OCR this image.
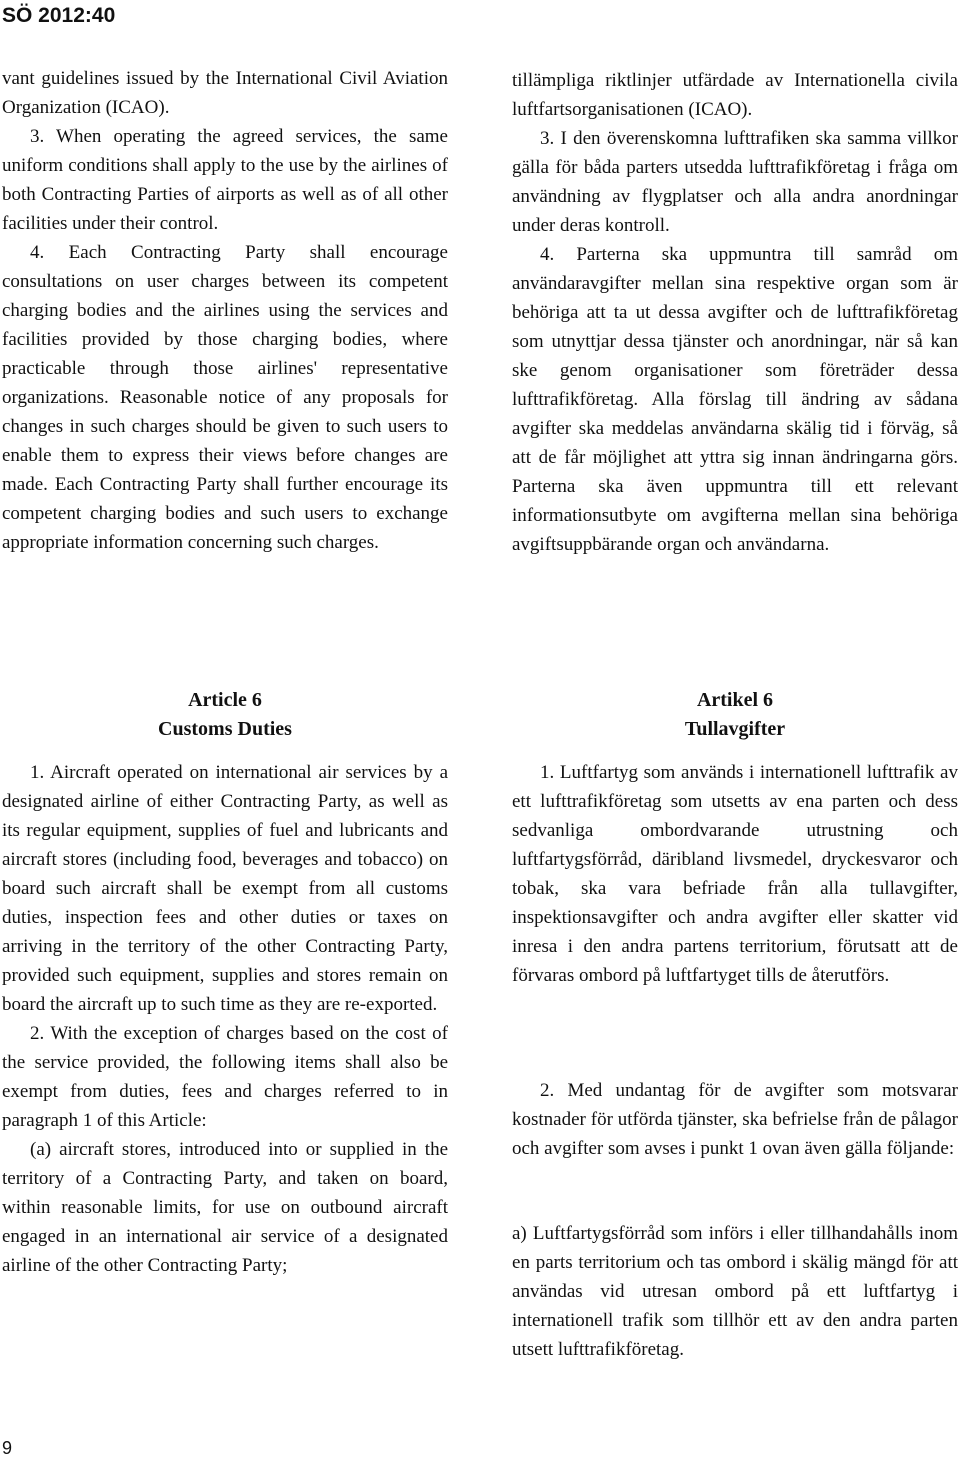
SÖ 2012:40

vant guidelines issued by the International Civil Aviation Organization (ICAO).

3. When operating the agreed services, the same uniform conditions shall apply to the use by the airlines of both Contracting Parties of airports as well as of all other facilities under their control.

4. Each Contracting Party shall encourage consultations on user charges between its competent charging bodies and the airlines using the services and facilities provided by those charging bodies, where practicable through those airlines' representative organizations. Reasonable notice of any proposals for changes in such charges should be given to such users to enable them to express their views before changes are made. Each Contracting Party shall further encourage its competent charging bodies and such users to exchange appropriate information concerning such charges.

tillämpliga riktlinjer utfärdade av Internationella civila luftfartsorganisationen (ICAO).

3. I den överenskomna lufttrafiken ska samma villkor gälla för båda parters utsedda lufttrafikföretag i fråga om användning av flygplatser och alla andra anordningar under deras kontroll.

4. Parterna ska uppmuntra till samråd om användaravgifter mellan sina respektive organ som är behöriga att ta ut dessa avgifter och de lufttrafikföretag som utnyttjar dessa tjänster och anordningar, när så kan ske genom organisationer som företräder dessa lufttrafikföretag. Alla förslag till ändring av sådana avgifter ska meddelas användarna skälig tid i förväg, så att de får möjlighet att yttra sig innan ändringarna görs. Parterna ska även uppmuntra till ett relevant informationsutbyte om avgifterna mellan sina behöriga avgiftsuppbärande organ och användarna.

Article 6
Customs Duties
Artikel 6
Tullavgifter

1. Aircraft operated on international air services by a designated airline of either Contracting Party, as well as its regular equipment, supplies of fuel and lubricants and aircraft stores (including food, beverages and tobacco) on board such aircraft shall be exempt from all customs duties, inspection fees and other duties or taxes on arriving in the territory of the other Contracting Party, provided such equipment, supplies and stores remain on board the aircraft up to such time as they are re-exported.

2. With the exception of charges based on the cost of the service provided, the following items shall also be exempt from duties, fees and charges referred to in paragraph 1 of this Article:

(a) aircraft stores, introduced into or supplied in the territory of a Contracting Party, and taken on board, within reasonable limits, for use on outbound aircraft engaged in an international air service of a designated airline of the other Contracting Party;

1. Luftfartyg som används i internationell lufttrafik av ett lufttrafikföretag som utsetts av ena parten och dess sedvanliga ombordvarande utrustning och luftfartygsförråd, däribland livsmedel, dryckesvaror och tobak, ska vara befriade från alla tullavgifter, inspektionsavgifter och andra avgifter eller skatter vid inresa i den andra partens territorium, förutsatt att de förvaras ombord på luftfartyget tills de återutförs.

2. Med undantag för de avgifter som motsvarar kostnader för utförda tjänster, ska befrielse från de pålagor och avgifter som avses i punkt 1 ovan även gälla följande:

a) Luftfartygsförråd som införs i eller tillhandahålls inom en parts territorium och tas ombord i skälig mängd för att användas vid utresan ombord på ett luftfartyg i internationell trafik som tillhör ett av den andra parten utsett lufttrafikföretag.

9
